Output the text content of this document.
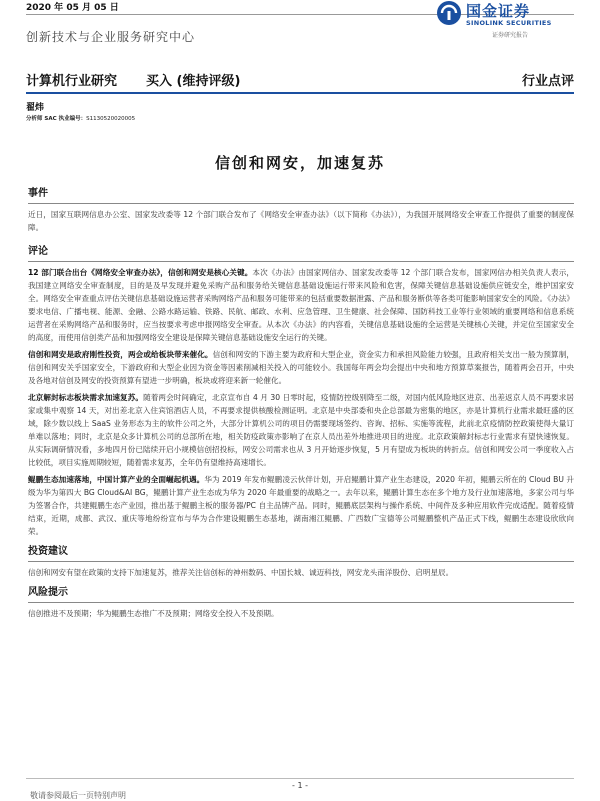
2020 年 05 月 05 日
创新技术与企业服务研究中心
国金证券
SINOLINK SECURITIES
证券研究报告
计算机行业研究 买入 (维持评级)	行业点评
翟炜
分析师 SAC 执业编号：S1130520020005
信创和网安，加速复苏
事件

近日，国家互联网信息办公室、国家发改委等 12 个部门联合发布了《网络安全审查办法》（以下简称《办法》），为我国开展网络安全审查工作提供了重要的制度保障。

评论

12 部门联合出台《网络安全审查办法》，信创和网安是核心关键。本次《办法》由国家网信办、国家发改委等 12 个部门联合发布，国家网信办相关负责人表示，我国建立网络安全审查制度，目的是及早发现并避免采购产品和服务给关键信息基础设施运行带来风险和危害，保障关键信息基础设施供应链安全，维护国家安全。网络安全审查重点评估关键信息基础设施运营者采购网络产品和服务可能带来的包括重要数据泄露、产品和服务断供等各类可能影响国家安全的风险。《办法》要求电信、广播电视、能源、金融、公路水路运输、铁路、民航、邮政、水利、应急管理、卫生健康、社会保障、国防科技工业等行业领域的重要网络和信息系统运营者在采购网络产品和服务时，应当按要求考虑申报网络安全审查。从本次《办法》的内容看，关键信息基础设施的全运营是关键核心关键，并定位至国家安全的高度，而使用信创类产品和加强网络安全建设是保障关键信息基础设施安全运行的关键。

信创和网安是政府刚性投资，两会或给板块带来催化。信创和网安的下游主要为政府和大型企业，资金实力和承担风险能力较强，且政府相关支出一般为预算制，信创和网安关乎国家安全，下游政府和大型企业因为资金等因素削减相关投入的可能较小。我国每年两会均会提出中央和地方预算草案报告，随着两会召开，中央及各地对信创及网安的投资预算有望进一步明确，板块或将迎来新一轮催化。

北京解封标志板块需求加速复苏。随着两会时间确定，北京宣布自 4 月 30 日零时起，疫情防控级别降至二级，对国内低风险地区进京、出差返京人员不再要求居家或集中观察 14 天，对出差北京入住宾馆酒店人员，不再要求提供核酸检测证明。北京是中央部委和央企总部最为密集的地区，亦是计算机行业需求最旺盛的区域，除少数以线上 SaaS 业务形态为主的软件公司之外，大部分计算机公司的项目仍需要现场签约、咨询、招标、实施等流程，此前北京疫情防控政策使得大量订单难以落地；同时，北京是众多计算机公司的总部所在地，相关防疫政策亦影响了在京人员出差外地推进项目的进度。北京政策解封标志行业需求有望快速恢复。从实际调研情况看，多地四月份已陆续开启小规模信创招投标，网安公司需求也从 3 月开始逐步恢复，5 月有望成为板块的转折点。信创和网安公司一季度收入占比较低，项目实施周期较短，随着需求复苏，全年仍有望维持高速增长。

鲲鹏生态加速落地，中国计算产业的全面崛起机遇。华为 2019 年发布鲲鹏凌云伙伴计划，开启鲲鹏计算产业生态建设，2020 年初，鲲鹏云所在的 Cloud BU 升级为华为第四大 BG Cloud&AI BG，鲲鹏计算产业生态成为华为 2020 年最重要的战略之一。去年以来，鲲鹏计算生态在多个地方及行业加速落地，多家公司与华为签署合作，共建鲲鹏生态产业园，推出基于鲲鹏主板的服务器/PC 自主品牌产品。同时，鲲鹏底层架构与操作系统、中间件及多种应用软件完成适配。随着疫情结束，近期，成都、武汉、重庆等地纷纷宣布与华为合作建设鲲鹏生态基地，湖南湘江鲲鹏、广西数广宝德等公司鲲鹏整机产品正式下线，鲲鹏生态建设欣欣向荣。

投资建议

信创和网安有望在政策的支持下加速复苏，推荐关注信创标的神州数码、中国长城、诚迈科技，网安龙头南洋股份、启明星辰。

风险提示

信创推进不及预期；华为鲲鹏生态推广不及预期；网络安全投入不及预期。

- 1 -
敬请参阅最后一页特别声明
